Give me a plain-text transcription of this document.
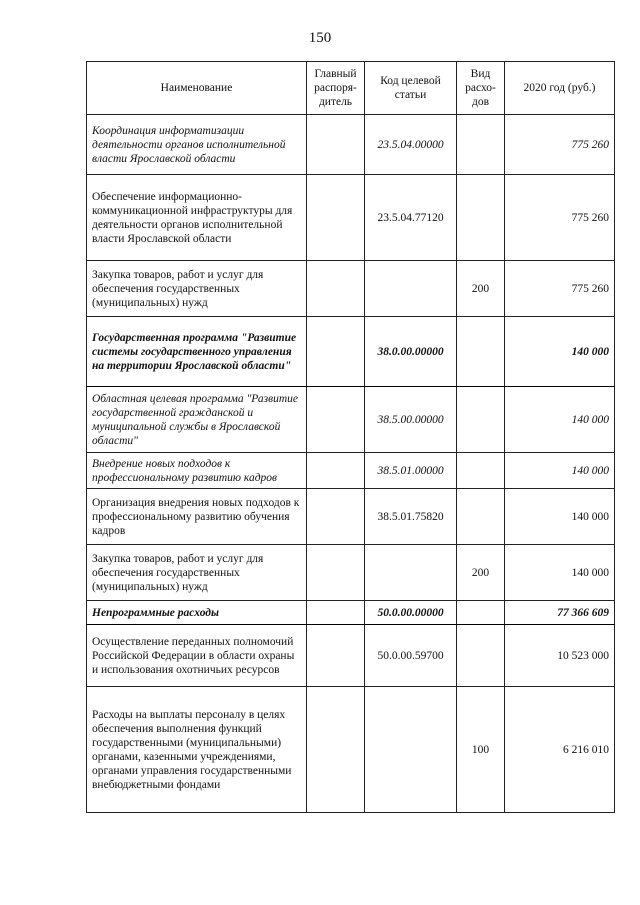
150
Наименование	Главный распоря-дитель	Код целевой статьи	Вид расхо-дов	2020 год (руб.)
Координация информатизации деятельности органов исполнительной власти Ярославской области		23.5.04.00000		775 260
Обеспечение информационно-коммуникационной инфраструктуры для деятельности органов исполнительной власти Ярославской области		23.5.04.77120		775 260
Закупка товаров, работ и услуг для обеспечения государственных (муниципальных) нужд			200	775 260
Государственная программа "Развитие системы государственного управления на территории Ярославской области"		38.0.00.00000		140 000
Областная целевая программа "Развитие государственной гражданской и муниципальной службы в Ярославской области"		38.5.00.00000		140 000
Внедрение новых подходов к профессиональному развитию кадров		38.5.01.00000		140 000
Организация внедрения новых подходов к профессиональному развитию обучения кадров		38.5.01.75820		140 000
Закупка товаров, работ и услуг для обеспечения государственных (муниципальных) нужд			200	140 000
Непрограммные расходы		50.0.00.00000		77 366 609
Осуществление переданных полномочий Российской Федерации в области охраны и использования охотничьих ресурсов		50.0.00.59700		10 523 000
Расходы на выплаты персоналу в целях обеспечения выполнения функций государственными (муниципальными) органами, казенными учреждениями, органами управления государственными внебюджетными фондами			100	6 216 010
